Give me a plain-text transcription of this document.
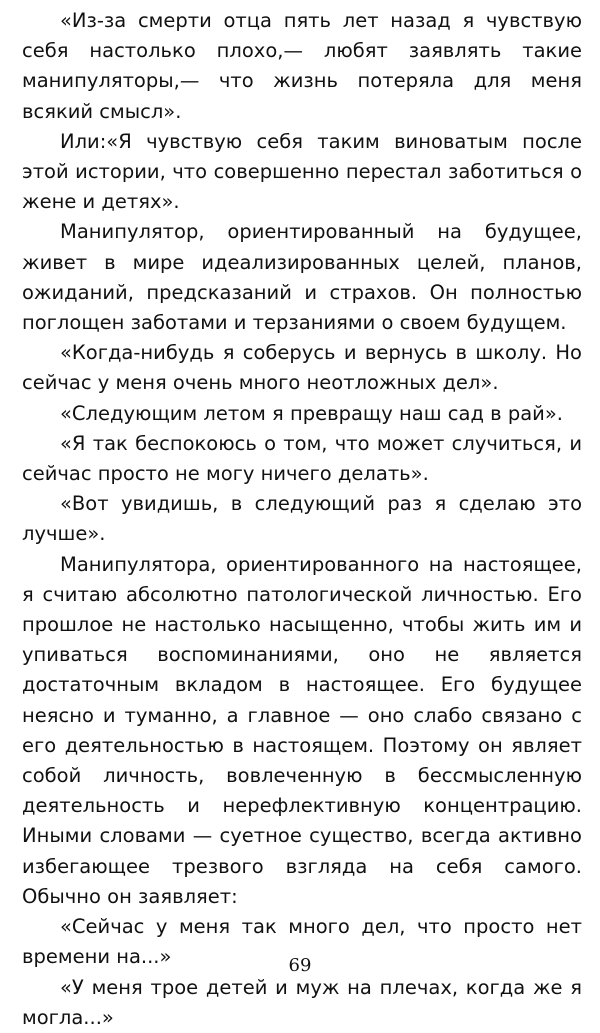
«Из-за смерти отца пять лет назад я чувствую себя настолько плохо,— любят заявлять такие манипуляторы,— что жизнь потеряла для меня всякий смысл».

Или:«Я чувствую себя таким виноватым после этой истории, что совершенно перестал заботиться о жене и детях».

Манипулятор, ориентированный на будущее, живет в мире идеализированных целей, планов, ожиданий, предсказаний и страхов. Он полностью поглощен заботами и терзаниями о своем будущем.

«Когда-нибудь я соберусь и вернусь в школу. Но сейчас у меня очень много неотложных дел».

«Следующим летом я превращу наш сад в рай».

«Я так беспокоюсь о том, что может случиться, и сейчас просто не могу ничего делать».

«Вот увидишь, в следующий раз я сделаю это лучше».

Манипулятора, ориентированного на настоящее, я считаю абсолютно патологической личностью. Его прошлое не настолько насыщенно, чтобы жить им и упиваться воспоминаниями, оно не является достаточным вкладом в настоящее. Его будущее неясно и туманно, а главное — оно слабо связано с его деятельностью в настоящем. Поэтому он являет собой личность, вовлеченную в бессмысленную деятельность и нерефлективную концентрацию. Иными словами — суетное существо, всегда активно избегающее трезвого взгляда на себя самого. Обычно он заявляет:

«Сейчас у меня так много дел, что просто нет времени на...»

«У меня трое детей и муж на плечах, когда же я могла...»

69
